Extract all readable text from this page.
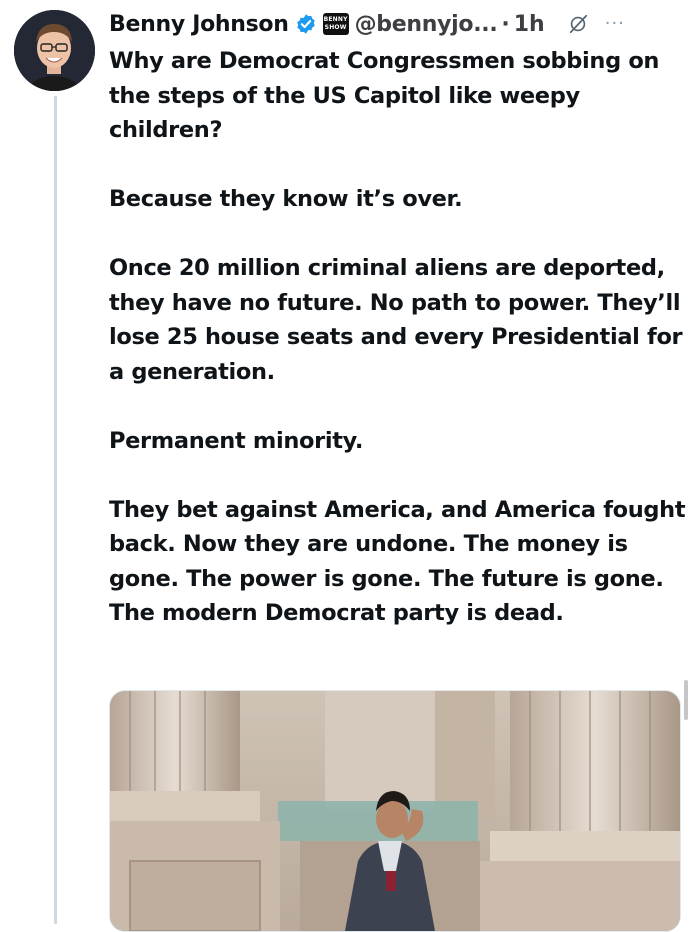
Benny Johnson	BENNY
SHOW @bennyjo... · 1h	···

Why are Democrat Congressmen sobbing on the steps of the US Capitol like weepy children?

Because they know it’s over.

Once 20 million criminal aliens are deported, they have no future. No path to power. They’ll lose 25 house seats and every Presidential for a generation.

Permanent minority.

They bet against America, and America fought back. Now they are undone. The money is gone. The power is gone. The future is gone. The modern Democrat party is dead.
